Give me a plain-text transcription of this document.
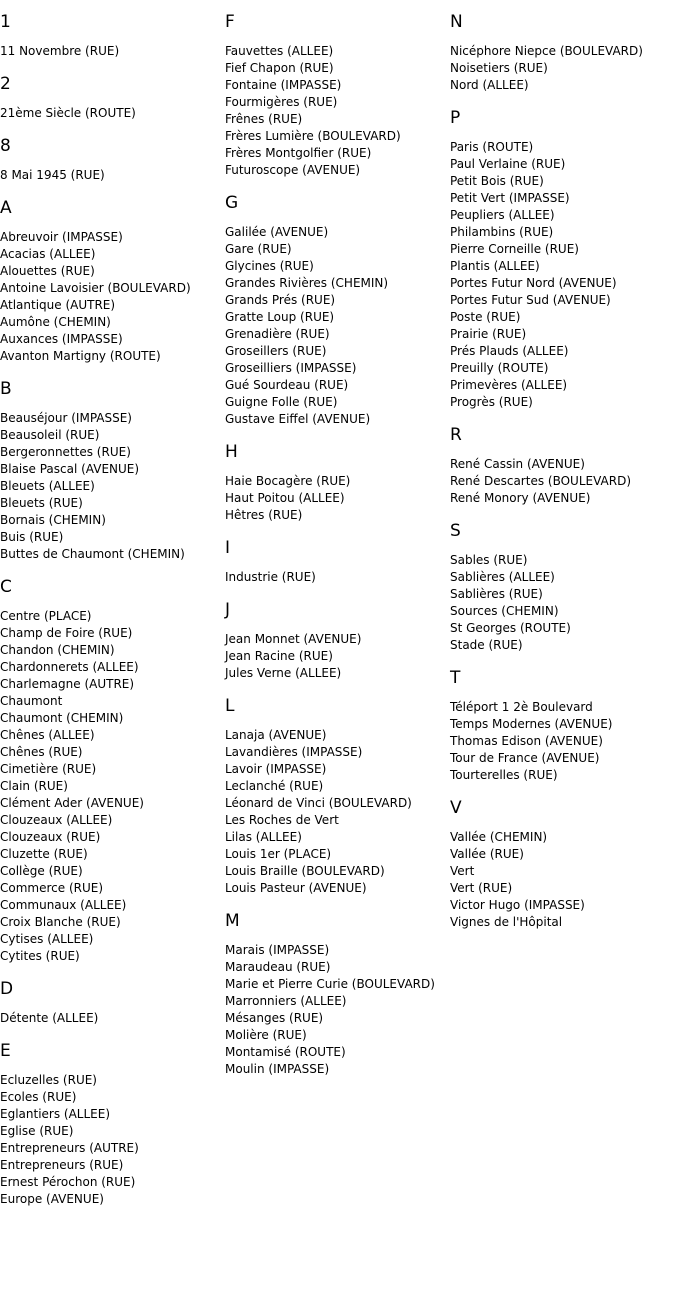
1
11 Novembre (RUE)
2
21ème Siècle (ROUTE)
8
8 Mai 1945 (RUE)
A
Abreuvoir (IMPASSE)
Acacias (ALLEE)
Alouettes (RUE)
Antoine Lavoisier (BOULEVARD)
Atlantique (AUTRE)
Aumône (CHEMIN)
Auxances (IMPASSE)
Avanton Martigny (ROUTE)
B
Beauséjour (IMPASSE)
Beausoleil (RUE)
Bergeronnettes (RUE)
Blaise Pascal (AVENUE)
Bleuets (ALLEE)
Bleuets (RUE)
Bornais (CHEMIN)
Buis (RUE)
Buttes de Chaumont (CHEMIN)
C
Centre (PLACE)
Champ de Foire (RUE)
Chandon (CHEMIN)
Chardonnerets (ALLEE)
Charlemagne (AUTRE)
Chaumont
Chaumont (CHEMIN)
Chênes (ALLEE)
Chênes (RUE)
Cimetière (RUE)
Clain (RUE)
Clément Ader (AVENUE)
Clouzeaux (ALLEE)
Clouzeaux (RUE)
Cluzette (RUE)
Collège (RUE)
Commerce (RUE)
Communaux (ALLEE)
Croix Blanche (RUE)
Cytises (ALLEE)
Cytites (RUE)
D
Détente (ALLEE)
E
Ecluzelles (RUE)
Ecoles (RUE)
Eglantiers (ALLEE)
Eglise (RUE)
Entrepreneurs (AUTRE)
Entrepreneurs (RUE)
Ernest Pérochon (RUE)
Europe (AVENUE)
F
Fauvettes (ALLEE)
Fief Chapon (RUE)
Fontaine (IMPASSE)
Fourmigères (RUE)
Frênes (RUE)
Frères Lumière (BOULEVARD)
Frères Montgolfier (RUE)
Futuroscope (AVENUE)
G
Galilée (AVENUE)
Gare (RUE)
Glycines (RUE)
Grandes Rivières (CHEMIN)
Grands Prés (RUE)
Gratte Loup (RUE)
Grenadière (RUE)
Groseillers (RUE)
Groseilliers (IMPASSE)
Gué Sourdeau (RUE)
Guigne Folle (RUE)
Gustave Eiffel (AVENUE)
H
Haie Bocagère (RUE)
Haut Poitou (ALLEE)
Hêtres (RUE)
I
Industrie (RUE)
J
Jean Monnet (AVENUE)
Jean Racine (RUE)
Jules Verne (ALLEE)
L
Lanaja (AVENUE)
Lavandières (IMPASSE)
Lavoir (IMPASSE)
Leclanché (RUE)
Léonard de Vinci (BOULEVARD)
Les Roches de Vert
Lilas (ALLEE)
Louis 1er (PLACE)
Louis Braille (BOULEVARD)
Louis Pasteur (AVENUE)
M
Marais (IMPASSE)
Maraudeau (RUE)
Marie et Pierre Curie (BOULEVARD)
Marronniers (ALLEE)
Mésanges (RUE)
Molière (RUE)
Montamisé (ROUTE)
Moulin (IMPASSE)
N
Nicéphore Niepce (BOULEVARD)
Noisetiers (RUE)
Nord (ALLEE)
P
Paris (ROUTE)
Paul Verlaine (RUE)
Petit Bois (RUE)
Petit Vert (IMPASSE)
Peupliers (ALLEE)
Philambins (RUE)
Pierre Corneille (RUE)
Plantis (ALLEE)
Portes Futur Nord (AVENUE)
Portes Futur Sud (AVENUE)
Poste (RUE)
Prairie (RUE)
Prés Plauds (ALLEE)
Preuilly (ROUTE)
Primevères (ALLEE)
Progrès (RUE)
R
René Cassin (AVENUE)
René Descartes (BOULEVARD)
René Monory (AVENUE)
S
Sables (RUE)
Sablières (ALLEE)
Sablières (RUE)
Sources (CHEMIN)
St Georges (ROUTE)
Stade (RUE)
T
Téléport 1 2è Boulevard
Temps Modernes (AVENUE)
Thomas Edison (AVENUE)
Tour de France (AVENUE)
Tourterelles (RUE)
V
Vallée (CHEMIN)
Vallée (RUE)
Vert
Vert (RUE)
Victor Hugo (IMPASSE)
Vignes de l'Hôpital
